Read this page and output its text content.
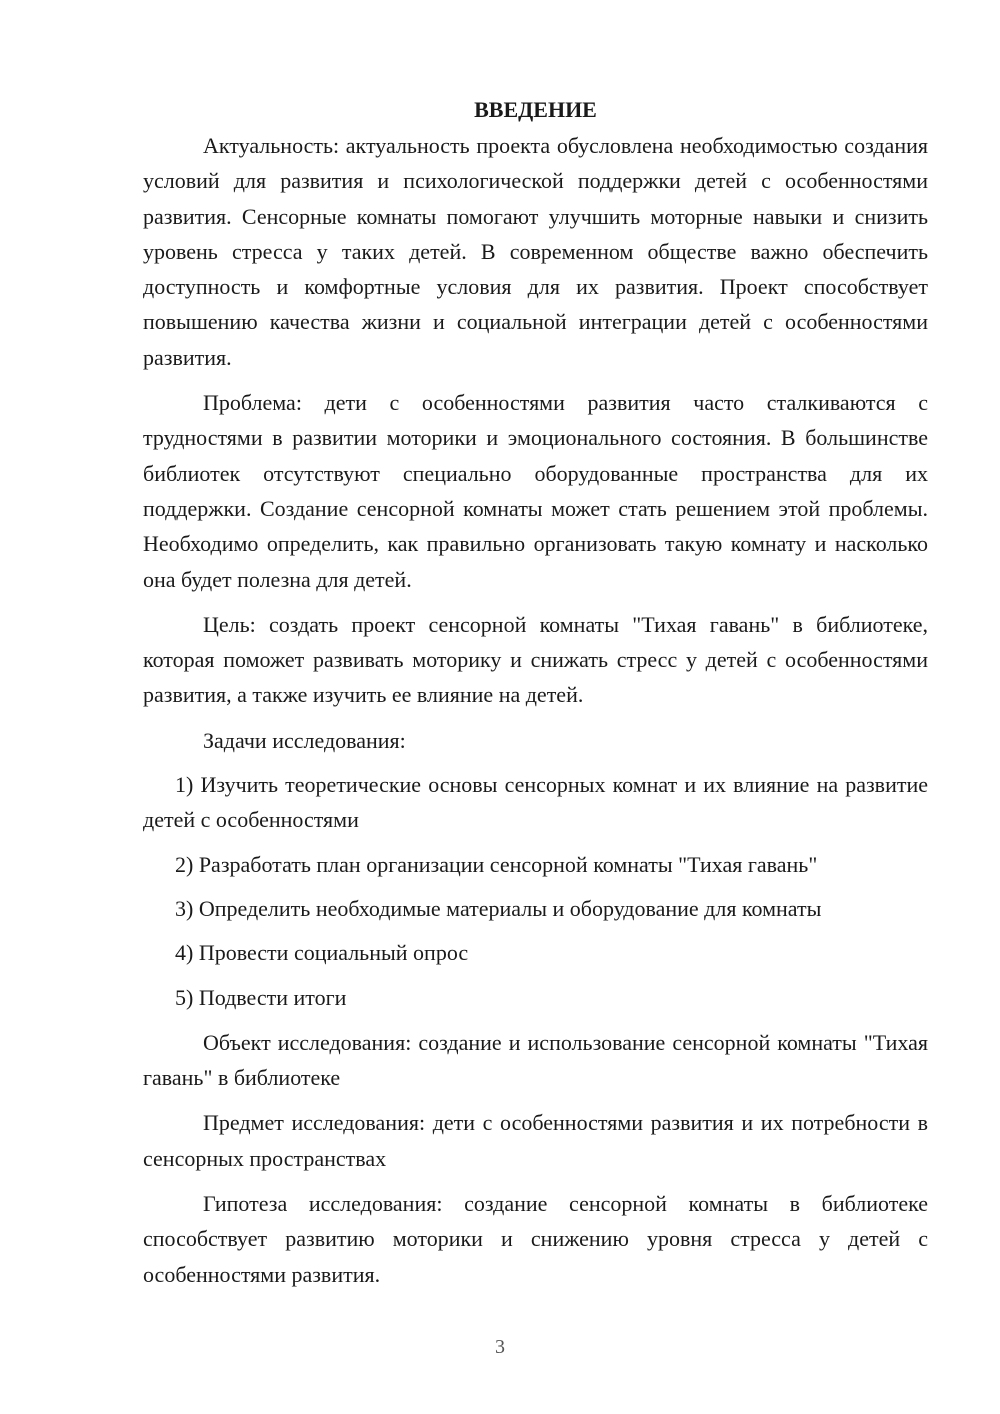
ВВЕДЕНИЕ

Актуальность: актуальность проекта обусловлена необходимостью создания условий для развития и психологической поддержки детей с особенностями развития. Сенсорные комнаты помогают улучшить моторные навыки и снизить уровень стресса у таких детей. В современном обществе важно обеспечить доступность и комфортные условия для их развития. Проект способствует повышению качества жизни и социальной интеграции детей с особенностями развития.

Проблема: дети с особенностями развития часто сталкиваются с трудностями в развитии моторики и эмоционального состояния. В большинстве библиотек отсутствуют специально оборудованные пространства для их поддержки. Создание сенсорной комнаты может стать решением этой проблемы. Необходимо определить, как правильно организовать такую комнату и насколько она будет полезна для детей.

Цель: создать проект сенсорной комнаты "Тихая гавань" в библиотеке, которая поможет развивать моторику и снижать стресс у детей с особенностями развития, а также изучить ее влияние на детей.

Задачи исследования:

1) Изучить теоретические основы сенсорных комнат и их влияние на развитие детей с особенностями

2) Разработать план организации сенсорной комнаты "Тихая гавань"

3) Определить необходимые материалы и оборудование для комнаты

4) Провести социальный опрос

5) Подвести итоги

Объект исследования: создание и использование сенсорной комнаты "Тихая гавань" в библиотеке

Предмет исследования: дети с особенностями развития и их потребности в сенсорных пространствах

Гипотеза исследования: создание сенсорной комнаты в библиотеке способствует развитию моторики и снижению уровня стресса у детей с особенностями развития.

3
